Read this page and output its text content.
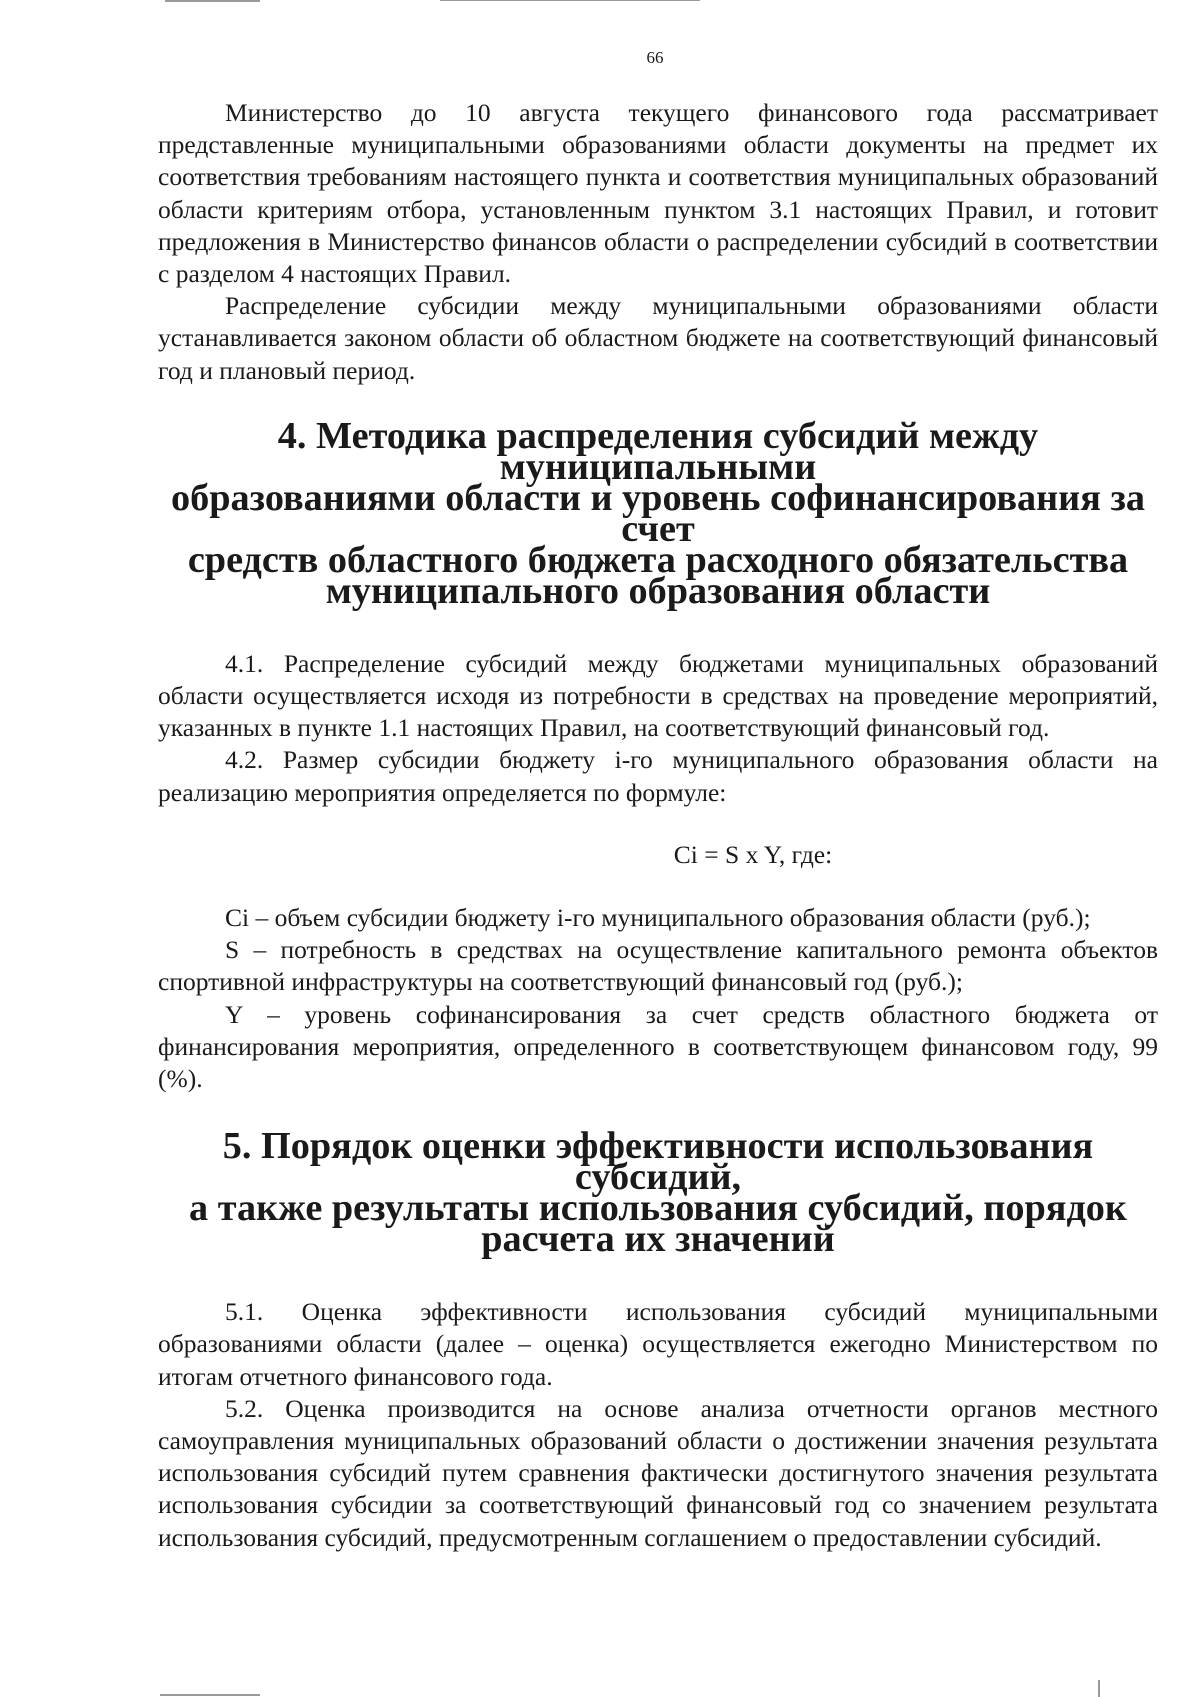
66

Министерство до 10 августа текущего финансового года рассматривает представленные муниципальными образованиями области документы на предмет их соответствия требованиям настоящего пункта и соответствия муниципальных образований области критериям отбора, установленным пунктом 3.1 настоящих Правил, и готовит предложения в Министерство финансов области о распределении субсидий в соответствии с разделом 4 настоящих Правил.

Распределение субсидии между муниципальными образованиями области устанавливается законом области об областном бюджете на соответствующий финансовый год и плановый период.

4. Методика распределения субсидий между муниципальными
образованиями области и уровень софинансирования за счет
средств областного бюджета расходного обязательства
муниципального образования области

4.1. Распределение субсидий между бюджетами муниципальных образований области осуществляется исходя из потребности в средствах на проведение мероприятий, указанных в пункте 1.1 настоящих Правил, на соответствующий финансовый год.

4.2. Размер субсидии бюджету i-го муниципального образования области на реализацию мероприятия определяется по формуле:

Ci = S x Y, где:

Ci – объем субсидии бюджету i-го муниципального образования области (руб.);

S – потребность в средствах на осуществление капитального ремонта объектов спортивной инфраструктуры на соответствующий финансовый год (руб.);

Y – уровень софинансирования за счет средств областного бюджета от финансирования мероприятия, определенного в соответствующем финансовом году, 99 (%).

5. Порядок оценки эффективности использования субсидий,
а также результаты использования субсидий, порядок
расчета их значений

5.1. Оценка эффективности использования субсидий муниципальными образованиями области (далее – оценка) осуществляется ежегодно Министерством по итогам отчетного финансового года.

5.2. Оценка производится на основе анализа отчетности органов местного самоуправления муниципальных образований области о достижении значения результата использования субсидий путем сравнения фактически достигнутого значения результата использования субсидии за соответствующий финансовый год со значением результата использования субсидий, предусмотренным соглашением о предоставлении субсидий.
